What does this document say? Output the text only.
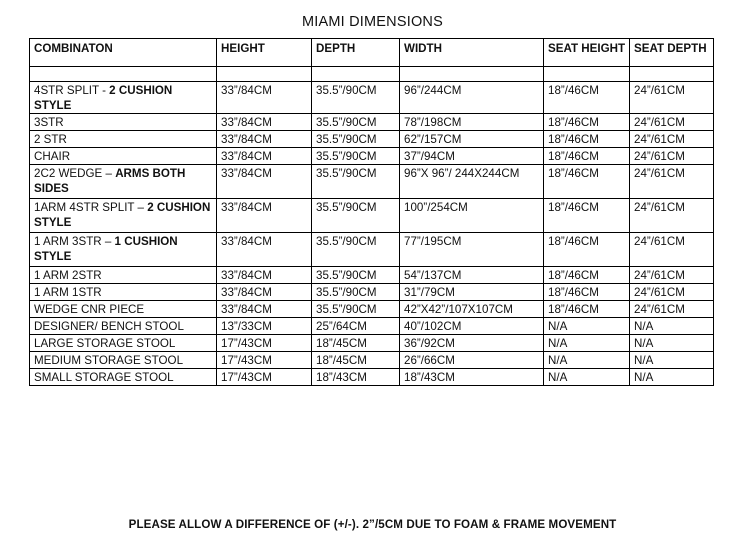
MIAMI DIMENSIONS
COMBINATON	HEIGHT	DEPTH	WIDTH	SEAT HEIGHT	SEAT DEPTH

4STR SPLIT - 2 CUSHION STYLE	33”/84CM	35.5”/90CM	96”/244CM	18”/46CM	24”/61CM
3STR	33”/84CM	35.5”/90CM	78”/198CM	18”/46CM	24”/61CM
2 STR	33”/84CM	35.5”/90CM	62”/157CM	18”/46CM	24”/61CM
CHAIR	33”/84CM	35.5”/90CM	37”/94CM	18”/46CM	24”/61CM
2C2 WEDGE – ARMS BOTH SIDES	33”/84CM	35.5”/90CM	96”X 96”/ 244X244CM	18”/46CM	24”/61CM
1ARM 4STR SPLIT – 2 CUSHION STYLE	33”/84CM	35.5”/90CM	100”/254CM	18”/46CM	24”/61CM
1 ARM 3STR – 1 CUSHION STYLE	33”/84CM	35.5”/90CM	77”/195CM	18”/46CM	24”/61CM
1 ARM 2STR	33”/84CM	35.5”/90CM	54”/137CM	18”/46CM	24”/61CM
1 ARM 1STR	33”/84CM	35.5”/90CM	31”/79CM	18”/46CM	24”/61CM
WEDGE CNR PIECE	33”/84CM	35.5”/90CM	42”X42”/107X107CM	18”/46CM	24”/61CM
DESIGNER/ BENCH STOOL	13”/33CM	25”/64CM	40”/102CM	N/A	N/A
LARGE STORAGE STOOL	17”/43CM	18”/45CM	36”/92CM	N/A	N/A
MEDIUM STORAGE STOOL	17”/43CM	18”/45CM	26”/66CM	N/A	N/A
SMALL STORAGE STOOL	17”/43CM	18”/43CM	18”/43CM	N/A	N/A
PLEASE ALLOW A DIFFERENCE OF (+/-). 2”/5CM DUE TO FOAM & FRAME MOVEMENT
